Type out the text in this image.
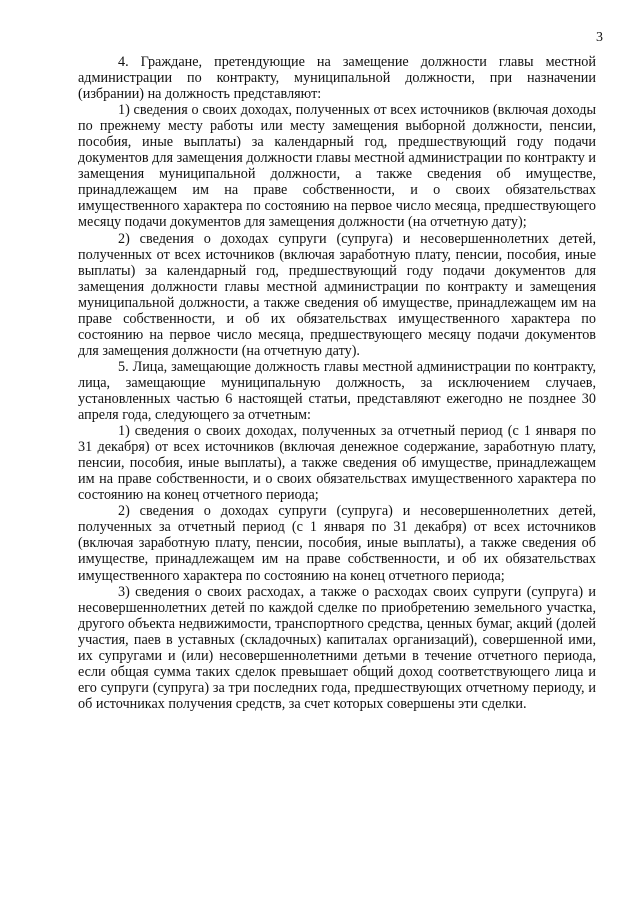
3

4. Граждане, претендующие на замещение должности главы местной администрации по контракту, муниципальной должности, при назначении (избрании) на должность представляют:

1) сведения о своих доходах, полученных от всех источников (включая доходы по прежнему месту работы или месту замещения выборной должности, пенсии, пособия, иные выплаты) за календарный год, предшествующий году подачи документов для замещения должности главы местной администрации по контракту и замещения муниципальной должности, а также сведения об имуществе, принадлежащем им на праве собственности, и о своих обязательствах имущественного характера по состоянию на первое число месяца, предшествующего месяцу подачи документов для замещения должности (на отчетную дату);

2) сведения о доходах супруги (супруга) и несовершеннолетних детей, полученных от всех источников (включая заработную плату, пенсии, пособия, иные выплаты) за календарный год, предшествующий году подачи документов для замещения должности главы местной администрации по контракту и замещения муниципальной должности, а также сведения об имуществе, принадлежащем им на праве собственности, и об их обязательствах имущественного характера по состоянию на первое число месяца, предшествующего месяцу подачи документов для замещения должности (на отчетную дату).

5. Лица, замещающие должность главы местной администрации по контракту, лица, замещающие муниципальную должность, за исключением случаев, установленных частью 6 настоящей статьи, представляют ежегодно не позднее 30 апреля года, следующего за отчетным:

1) сведения о своих доходах, полученных за отчетный период (с 1 января по 31 декабря) от всех источников (включая денежное содержание, заработную плату, пенсии, пособия, иные выплаты), а также сведения об имуществе, принадлежащем им на праве собственности, и о своих обязательствах имущественного характера по состоянию на конец отчетного периода;

2) сведения о доходах супруги (супруга) и несовершеннолетних детей, полученных за отчетный период (с 1 января по 31 декабря) от всех источников (включая заработную плату, пенсии, пособия, иные выплаты), а также сведения об имуществе, принадлежащем им на праве собственности, и об их обязательствах имущественного характера по состоянию на конец отчетного периода;

3) сведения о своих расходах, а также о расходах своих супруги (супруга) и несовершеннолетних детей по каждой сделке по приобретению земельного участка, другого объекта недвижимости, транспортного средства, ценных бумаг, акций (долей участия, паев в уставных (складочных) капиталах организаций), совершенной ими, их супругами и (или) несовершеннолетними детьми в течение отчетного периода, если общая сумма таких сделок превышает общий доход соответствующего лица и его супруги (супруга) за три последних года, предшествующих отчетному периоду, и об источниках получения средств, за счет которых совершены эти сделки.
